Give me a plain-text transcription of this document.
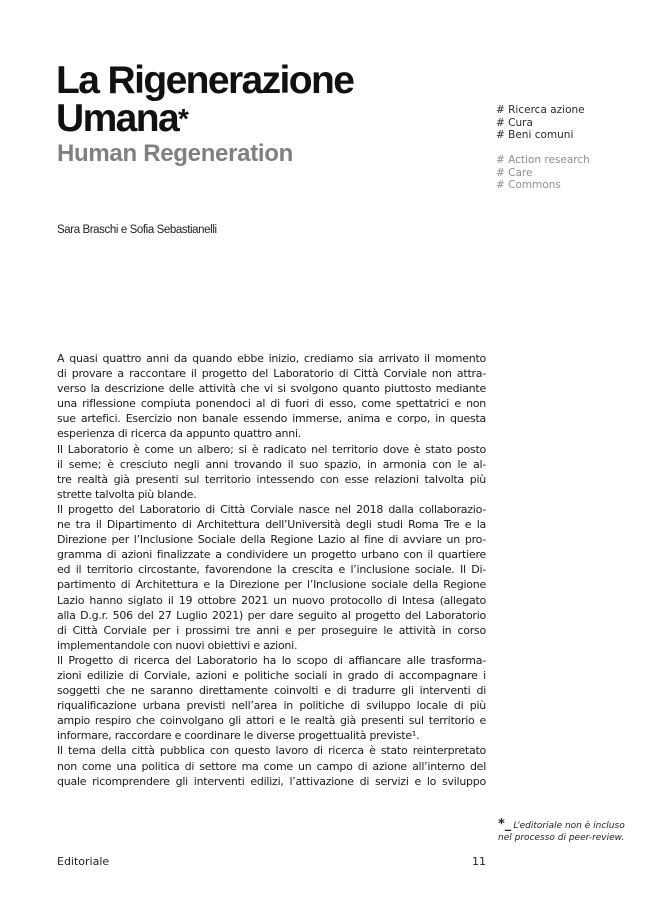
La Rigenerazione
Umana*
Human Regeneration
# Ricerca azione
# Cura
# Beni comuni
# Action research
# Care
# Commons
Sara Braschi e Sofia Sebastianelli
A quasi quattro anni da quando ebbe inizio, crediamo sia arrivato il momento
di provare a raccontare il progetto del Laboratorio di Città Corviale non attra-
verso la descrizione delle attività che vi si svolgono quanto piuttosto mediante
una riflessione compiuta ponendoci al di fuori di esso, come spettatrici e non
sue artefici. Esercizio non banale essendo immerse, anima e corpo, in questa
esperienza di ricerca da appunto quattro anni.
Il Laboratorio è come un albero; si è radicato nel territorio dove è stato posto
il seme; è cresciuto negli anni trovando il suo spazio, in armonia con le al-
tre realtà già presenti sul territorio intessendo con esse relazioni talvolta più
strette talvolta più blande.
Il progetto del Laboratorio di Città Corviale nasce nel 2018 dalla collaborazio-
ne tra il Dipartimento di Architettura dell’Università degli studi Roma Tre e la
Direzione per l’Inclusione Sociale della Regione Lazio al fine di avviare un pro-
gramma di azioni finalizzate a condividere un progetto urbano con il quartiere
ed il territorio circostante, favorendone la crescita e l’inclusione sociale. Il Di-
partimento di Architettura e la Direzione per l’Inclusione sociale della Regione
Lazio hanno siglato il 19 ottobre 2021 un nuovo protocollo di Intesa (allegato
alla D.g.r. 506 del 27 Luglio 2021) per dare seguito al progetto del Laboratorio
di Città Corviale per i prossimi tre anni e per proseguire le attività in corso
implementandole con nuovi obiettivi e azioni.
Il Progetto di ricerca del Laboratorio ha lo scopo di affiancare alle trasforma-
zioni edilizie di Corviale, azioni e politiche sociali in grado di accompagnare i
soggetti che ne saranno direttamente coinvolti e di tradurre gli interventi di
riqualificazione urbana previsti nell’area in politiche di sviluppo locale di più
ampio respiro che coinvolgano gli attori e le realtà già presenti sul territorio e
informare, raccordare e coordinare le diverse progettualità previste¹.
Il tema della città pubblica con questo lavoro di ricerca è stato reinterpretato
non come una politica di settore ma come un campo di azione all’interno del
quale ricomprendere gli interventi edilizi, l’attivazione di servizi e lo sviluppo
*_ L’editoriale non è incluso
nel processo di peer-review.
Editoriale	11
